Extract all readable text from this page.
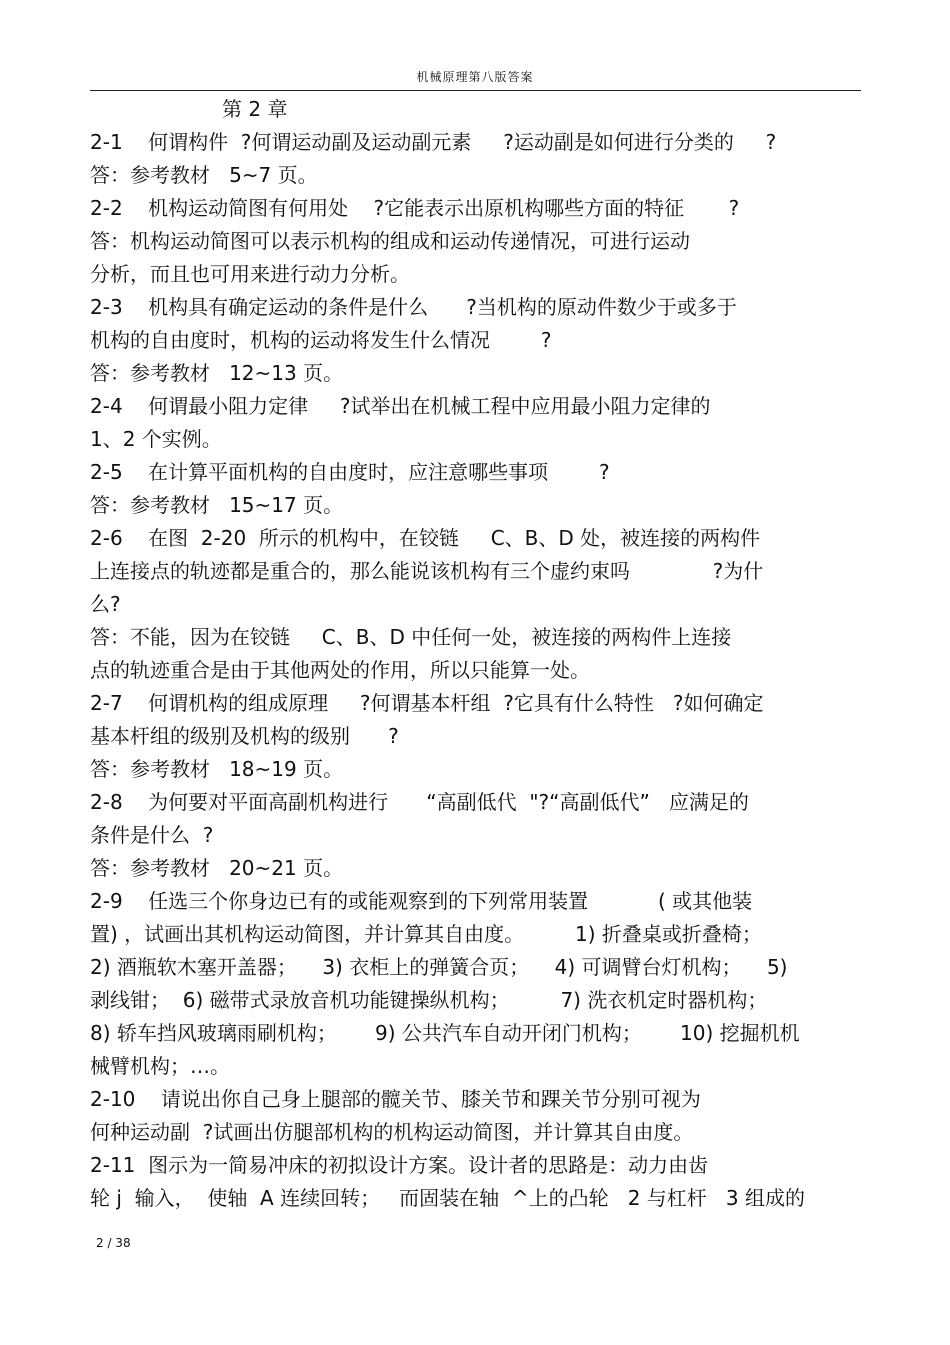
机械原理第八版答案
第 2 章
2-1    何谓构件  ?何谓运动副及运动副元素     ?运动副是如何进行分类的     ?
答：参考教材   5~7 页。
2-2    机构运动简图有何用处    ?它能表示出原机构哪些方面的特征       ?
答：机构运动简图可以表示机构的组成和运动传递情况，可进行运动
分析，而且也可用来进行动力分析。
2-3    机构具有确定运动的条件是什么      ?当机构的原动件数少于或多于
机构的自由度时，机构的运动将发生什么情况        ?
答：参考教材   12~13 页。
2-4    何谓最小阻力定律     ?试举出在机械工程中应用最小阻力定律的
1、2 个实例。
2-5    在计算平面机构的自由度时，应注意哪些事项        ?
答：参考教材   15~17 页。
2-6    在图  2-20  所示的机构中，在铰链     C、B、D 处，被连接的两构件
上连接点的轨迹都是重合的，那么能说该机构有三个虚约束吗             ?为什
么?
答：不能，因为在铰链     C、B、D 中任何一处，被连接的两构件上连接
点的轨迹重合是由于其他两处的作用，所以只能算一处。
2-7    何谓机构的组成原理     ?何谓基本杆组  ?它具有什么特性   ?如何确定
基本杆组的级别及机构的级别      ?
答：参考教材   18~19 页。
2-8    为何要对平面高副机构进行      “高副低代  "?“高副低代”   应满足的
条件是什么  ?
答：参考教材   20~21 页。
2-9    任选三个你身边已有的或能观察到的下列常用装置           ( 或其他装
置) ，试画出其机构运动简图，并计算其自由度。        1) 折叠桌或折叠椅；
2) 酒瓶软木塞开盖器；    3) 衣柜上的弹簧合页；    4) 可调臂台灯机构；    5)
剥线钳；  6) 磁带式录放音机功能键操纵机构；        7) 洗衣机定时器机构；
8) 轿车挡风玻璃雨刷机构；      9) 公共汽车自动开闭门机构；      10) 挖掘机机
械臂机构；…。
2-10    请说出你自己身上腿部的髋关节、膝关节和踝关节分别可视为
何种运动副  ?试画出仿腿部机构的机构运动简图，并计算其自由度。
2-11  图示为一简易冲床的初拟设计方案。设计者的思路是：动力由齿
轮 j  输入，  使轴  A 连续回转；   而固装在轴  ^上的凸轮   2 与杠杆   3 组成的
2 / 38
